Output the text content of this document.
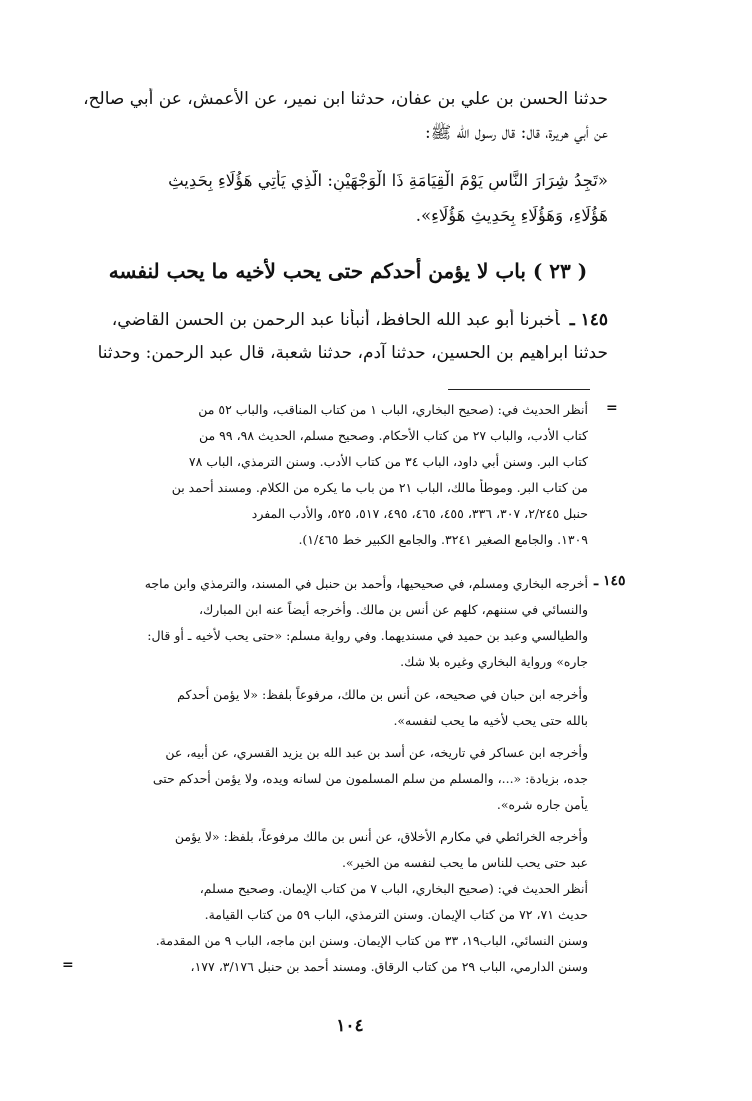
حدثنا الحسن بن علي بن عفان، حدثنا ابن نمير، عن الأعمش، عن أبي صالح،
عن أبي هريرة، قال: قال رسول الله ﷺ:
«تَجِدُ شِرَارَ النَّاسِ يَوْمَ الْقِيَامَةِ ذَا الْوَجْهَيْنِ: الَّذِي يَأْتِي هَؤُلَاءِ بِحَدِيثِ
هَؤُلَاءِ، وَهَؤُلَاءِ بِحَدِيثِ هَؤُلَاءِ».
( ٢٣ ) باب لا يؤمن أحدكم حتى يحب لأخيه ما يحب لنفسه
١٤٥ ـأخبرنا أبو عبد الله الحافظ، أنبأنا عبد الرحمن بن الحسن القاضي،
حدثنا ابراهيم بن الحسين، حدثنا آدم، حدثنا شعبة، قال عبد الرحمن: وحدثنا
=
أنظر الحديث في: (صحيح البخاري، الباب ١ من كتاب المناقب، والباب ٥٢ من
كتاب الأدب، والباب ٢٧ من كتاب الأحكام. وصحيح مسلم، الحديث ٩٨، ٩٩ من
كتاب البر. وسنن أبي داود، الباب ٣٤ من كتاب الأدب. وسنن الترمذي، الباب ٧٨
من كتاب البر. وموطأ مالك، الباب ٢١ من باب ما يكره من الكلام. ومسند أحمد بن
حنبل ٢/٢٤٥، ٣٠٧، ٣٣٦، ٤٥٥، ٤٦٥، ٤٩٥، ٥١٧، ٥٢٥، والأدب المفرد
١٣٠٩. والجامع الصغير ٣٢٤١. والجامع الكبير خط ١/٤٦٥).
١٤٥ ـ
أخرجه البخاري ومسلم، في صحيحيها، وأحمد بن حنبل في المسند، والترمذي وابن ماجه
والنسائي في سننهم، كلهم عن أنس بن مالك. وأخرجه أيضاً عنه ابن المبارك،
والطيالسي وعبد بن حميد في مسنديهما. وفي رواية مسلم: «حتى يحب لأخيه ـ أو قال:
جاره» ورواية البخاري وغيره بلا شك.
وأخرجه ابن حبان في صحيحه، عن أنس بن مالك، مرفوعاً بلفظ: «لا يؤمن أحدكم
بالله حتى يحب لأخيه ما يحب لنفسه».
وأخرجه ابن عساكر في تاريخه، عن أسد بن عبد الله بن يزيد القسري، عن أبيه، عن
جده، بزيادة: «...، والمسلم من سلم المسلمون من لسانه ويده، ولا يؤمن أحدكم حتى
يأمن جاره شره».
وأخرجه الخرائطي في مكارم الأخلاق، عن أنس بن مالك مرفوعاً، بلفظ: «لا يؤمن
عبد حتى يحب للناس ما يحب لنفسه من الخير».
أنظر الحديث في: (صحيح البخاري، الباب ٧ من كتاب الإيمان. وصحيح مسلم،
حديث ٧١، ٧٢ من كتاب الإيمان. وسنن الترمذي، الباب ٥٩ من كتاب القيامة.
وسنن النسائي، الباب١٩، ٣٣ من كتاب الإيمان. وسنن ابن ماجه، الباب ٩ من المقدمة.
وسنن الدارمي، الباب ٢٩ من كتاب الرقاق. ومسند أحمد بن حنبل ٣/١٧٦، ١٧٧،
=
١٠٤
